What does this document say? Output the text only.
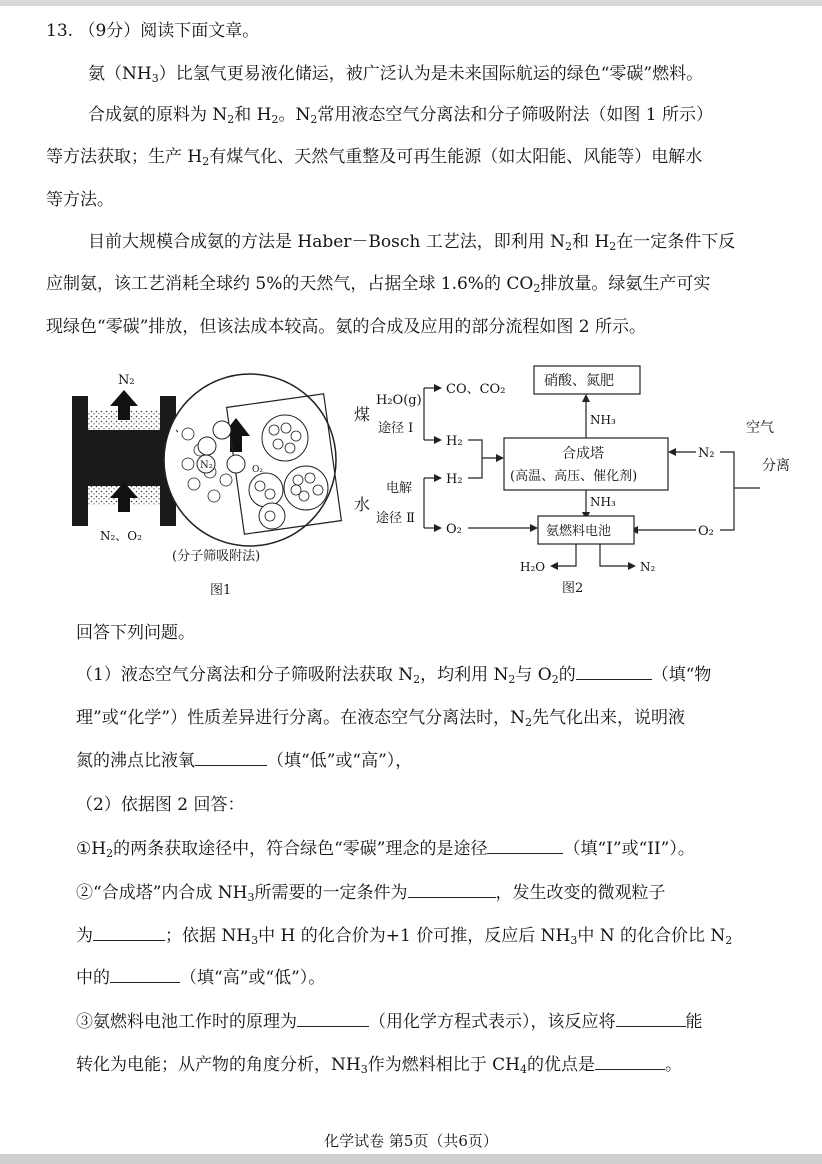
13. （9分）阅读下面文章。
氨$(NH_3)$比氢气更易液化储运，被广泛认为是未来国际航运的绿色“零碳”燃料。
合成氨的原料为 $N_2$和 $H_2$。$N_2$常用液态空气分离法和分子筛吸附法（如图 1 所示）
等方法获取；生产 $H_2$有煤气化、天然气重整及可再生能源（如太阳能、风能等）电解水
等方法。
目前大规模合成氨的方法是 Haber－Bosch 工艺法，即利用 $N_2$和 $H_2$在一定条件下反
应制氨，该工艺消耗全球约 5%的天然气，占据全球 1.6%的 $CO_2$排放量。绿氨生产可实
现绿色“零碳”排放，但该法成本较高。氨的合成及应用的部分流程如图 2 所示。
N₂
N₂、O₂
N₂	O₂
(分子筛吸附法)
图1
煤
水
H₂O(g)
CO、CO₂
途径 I
H₂
电解
H₂
途径 Ⅱ
O₂
硝酸、氮肥
NH₃
合成塔
(高温、高压、催化剂)
NH₃
氨燃料电池
H₂O	N₂
N₂
O₂
空气
分离
图2
回答下列问题。
（1）液态空气分离法和分子筛吸附法获取 $N_2$，均利用 $N_2$与 $O_2$的	（填“物
理”或“化学”）性质差异进行分离。在液态空气分离法时，$N_2$先气化出来，说明液
氮的沸点比液氧	（填“低”或“高”），
（2）依据图 2 回答：
$①H_2$的两条获取途径中，符合绿色“零碳”理念的是途径	（填“I”或“II”）。
②“合成塔”内合成 $NH_3$所需要的一定条件为	，发生改变的微观粒子
为	；依据 $NH_3$中 H 的化合价为+1 价可推，反应后 $NH_3$中 N 的化合价比 $N_2$
中的	（填“高”或“低”）。
③氨燃料电池工作时的原理为	（用化学方程式表示），该反应将	能
转化为电能；从产物的角度分析，$NH_3$作为燃料相比于 $CH_4$的优点是	。
化学试卷 第5页（共6页）
